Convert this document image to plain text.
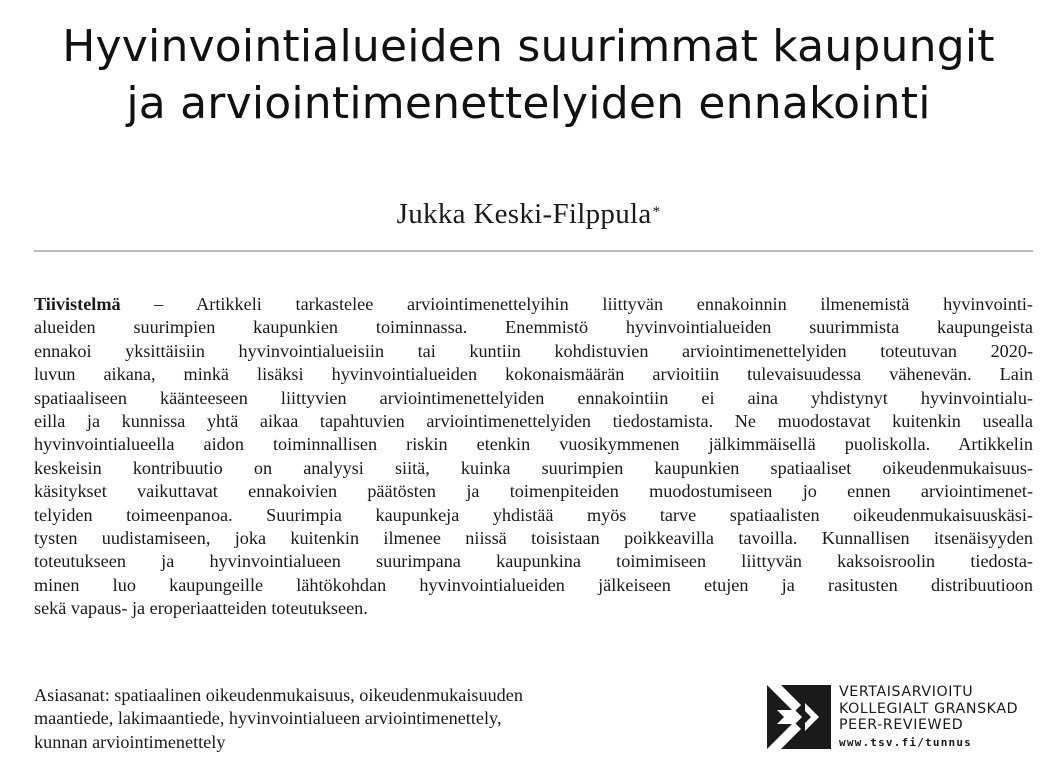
Hyvinvointialueiden suurimmat kaupungit
ja arviointimenettelyiden ennakointi
Jukka Keski-Filppula*
Tiivistelmä – Artikkeli tarkastelee arviointimenettelyihin liittyvän ennakoinnin ilmenemistä hyvinvointi-
alueiden suurimpien kaupunkien toiminnassa. Enemmistö hyvinvointialueiden suurimmista kaupungeista
ennakoi yksittäisiin hyvinvointialueisiin tai kuntiin kohdistuvien arviointimenettelyiden toteutuvan 2020-
luvun aikana, minkä lisäksi hyvinvointialueiden kokonaismäärän arvioitiin tulevaisuudessa vähenevän. Lain
spatiaaliseen käänteeseen liittyvien arviointimenettelyiden ennakointiin ei aina yhdistynyt hyvinvointialu-
eilla ja kunnissa yhtä aikaa tapahtuvien arviointimenettelyiden tiedostamista. Ne muodostavat kuitenkin usealla
hyvinvointialueella aidon toiminnallisen riskin etenkin vuosikymmenen jälkimmäisellä puoliskolla. Artikkelin
keskeisin kontribuutio on analyysi siitä, kuinka suurimpien kaupunkien spatiaaliset oikeudenmukaisuus-
käsitykset vaikuttavat ennakoivien päätösten ja toimenpiteiden muodostumiseen jo ennen arviointimenet-
telyiden toimeenpanoa. Suurimpia kaupunkeja yhdistää myös tarve spatiaalisten oikeudenmukaisuuskäsi-
tysten uudistamiseen, joka kuitenkin ilmenee niissä toisistaan poikkeavilla tavoilla. Kunnallisen itsenäisyyden
toteutukseen ja hyvinvointialueen suurimpana kaupunkina toimimiseen liittyvän kaksoisroolin tiedosta-
minen luo kaupungeille lähtökohdan hyvinvointialueiden jälkeiseen etujen ja rasitusten distribuutioon
sekä vapaus- ja eroperiaatteiden toteutukseen.
Asiasanat: spatiaalinen oikeudenmukaisuus, oikeudenmukaisuuden
maantiede, lakimaantiede, hyvinvointialueen arviointimenettely,
kunnan arviointimenettely
VERTAISARVIOITU
KOLLEGIALT GRANSKAD
PEER-REVIEWED
www.tsv.fi/tunnus
